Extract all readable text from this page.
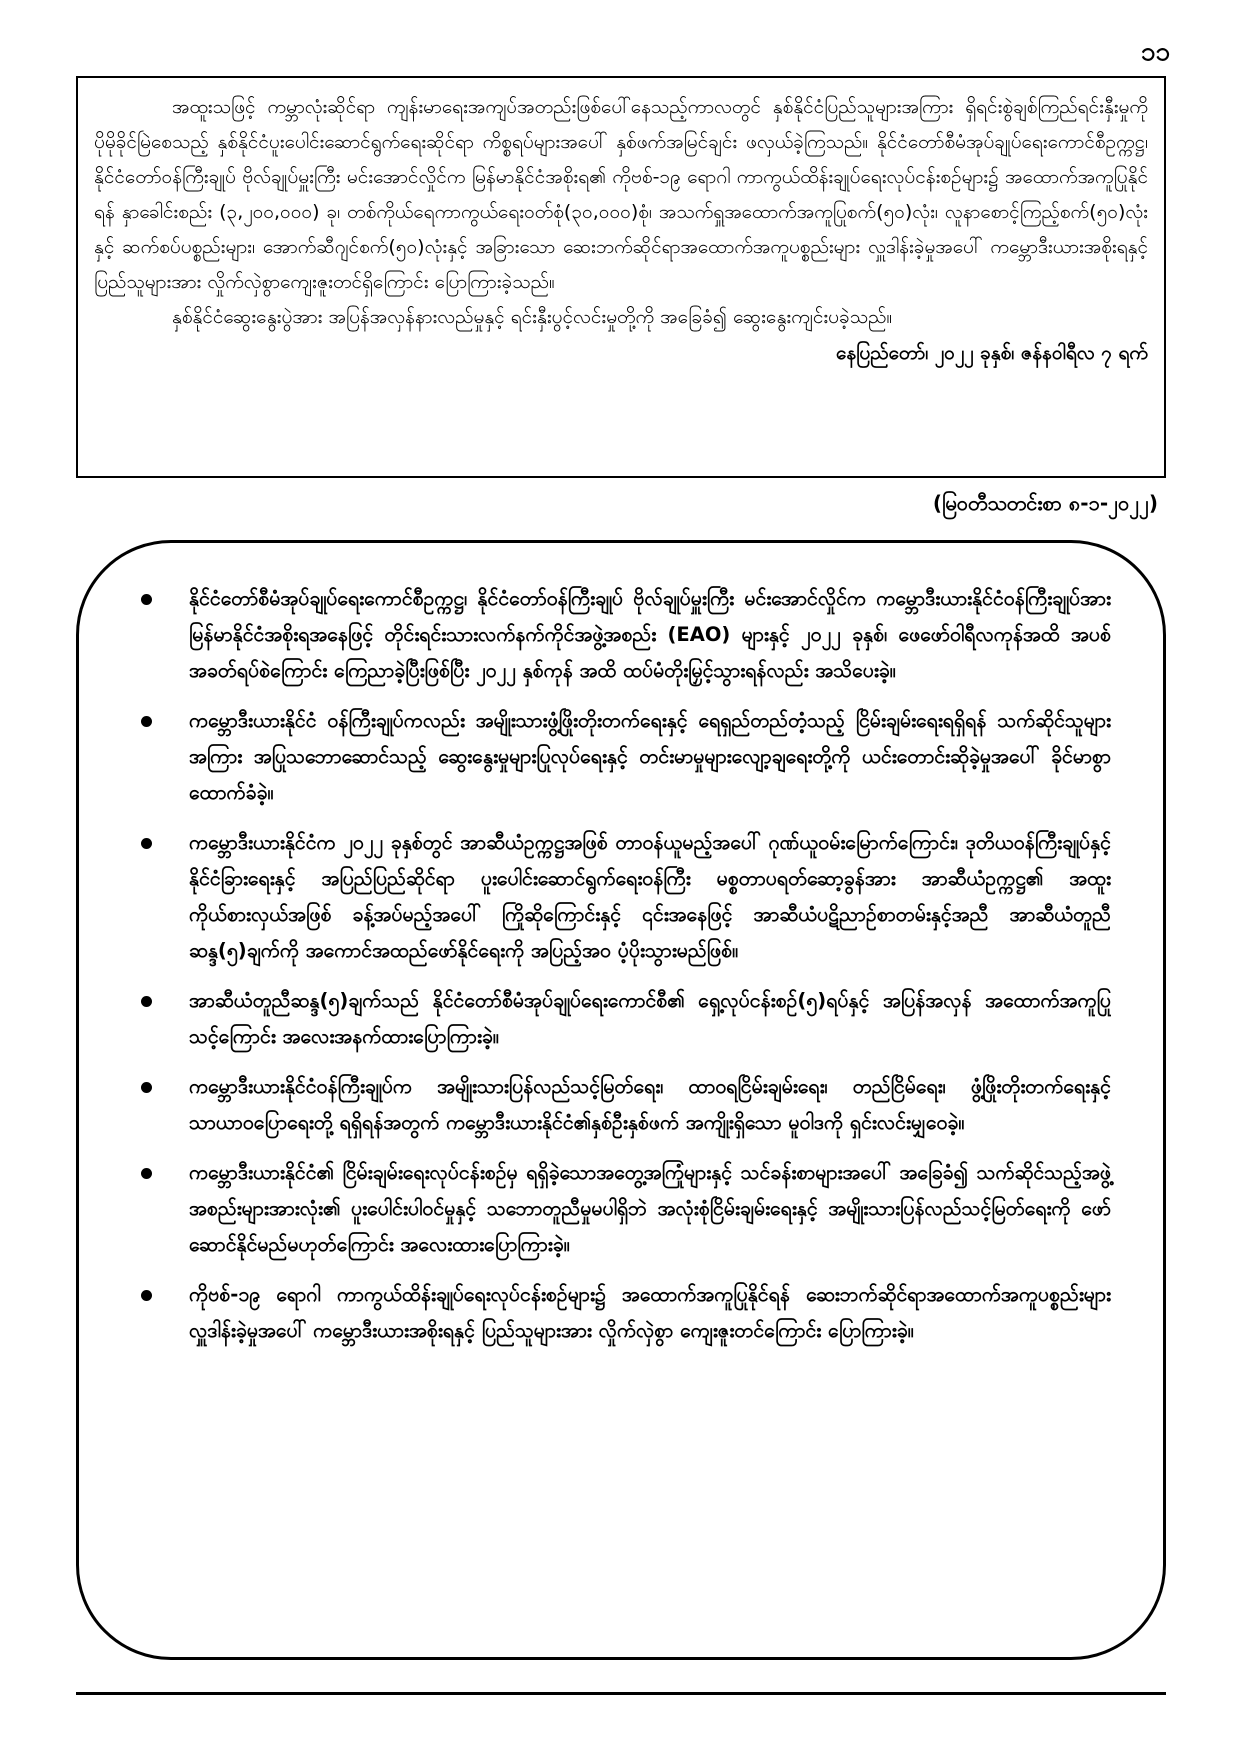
၁၁

အထူးသဖြင့် ကမ္ဘာလုံးဆိုင်ရာ ကျန်းမာရေးအကျပ်အတည်းဖြစ်ပေါ်နေသည့်ကာလတွင် နှစ်နိုင်ငံပြည်သူများအကြား ရှိရင်းစွဲချစ်ကြည်ရင်းနှီးမှုကို ပိုမိုခိုင်မြဲစေသည့် နှစ်နိုင်ငံပူးပေါင်းဆောင်ရွက်ရေးဆိုင်ရာ ကိစ္စရပ်များအပေါ် နှစ်ဖက်အမြင်ချင်း ဖလှယ်ခဲ့ကြသည်။ နိုင်ငံတော်စီမံအုပ်ချုပ်ရေးကောင်စီဥက္ကဋ္ဌ၊ နိုင်ငံတော်ဝန်ကြီးချုပ် ဗိုလ်ချုပ်မှူးကြီး မင်းအောင်လှိုင်က မြန်မာနိုင်ငံအစိုးရ၏ ကိုဗစ်-၁၉ ရောဂါ ကာကွယ်ထိန်းချုပ်ရေးလုပ်ငန်းစဉ်များ၌ အထောက်အကူပြုနိုင်ရန် နှာခေါင်းစည်း (၃,၂၀၀,၀၀၀) ခု၊ တစ်ကိုယ်ရေကာကွယ်ရေးဝတ်စုံ(၃၀,၀၀၀)စုံ၊ အသက်ရှူအထောက်အကူပြုစက်(၅၀)လုံး၊ လူနာစောင့်ကြည့်စက်(၅၀)လုံးနှင့် ဆက်စပ်ပစ္စည်းများ၊ အောက်ဆီဂျင်စက်(၅၀)လုံးနှင့် အခြားသော ဆေးဘက်ဆိုင်ရာအထောက်အကူပစ္စည်းများ လှူဒါန်းခဲ့မှုအပေါ် ကမ္ဘောဒီးယားအစိုးရနှင့် ပြည်သူများအား လှိုက်လှဲစွာကျေးဇူးတင်ရှိကြောင်း ပြောကြားခဲ့သည်။

နှစ်နိုင်ငံဆွေးနွေးပွဲအား အပြန်အလှန်နားလည်မှုနှင့် ရင်းနှီးပွင့်လင်းမှုတို့ကို အခြေခံ၍ ဆွေးနွေးကျင်းပခဲ့သည်။

နေပြည်တော်၊ ၂၀၂၂ ခုနှစ်၊ ဇန်နဝါရီလ ၇ ရက်

(မြဝတီသတင်းစာ ၈-၁-၂၀၂၂)
နိုင်ငံတော်စီမံအုပ်ချုပ်ရေးကောင်စီဥက္ကဋ္ဌ၊ နိုင်ငံတော်ဝန်ကြီးချုပ် ဗိုလ်ချုပ်မှူးကြီး မင်းအောင်လှိုင်က ကမ္ဘောဒီးယားနိုင်ငံဝန်ကြီးချုပ်အား မြန်မာနိုင်ငံအစိုးရအနေဖြင့် တိုင်းရင်းသားလက်နက်ကိုင်အဖွဲ့အစည်း (EAO) များနှင့် ၂၀၂၂ ခုနှစ်၊ ဖေဖော်ဝါရီလကုန်အထိ အပစ်အခတ်ရပ်စဲကြောင်း ကြေညာခဲ့ပြီးဖြစ်ပြီး ၂၀၂၂ နှစ်ကုန် အထိ ထပ်မံတိုးမြှင့်သွားရန်လည်း အသိပေးခဲ့။
ကမ္ဘောဒီးယားနိုင်ငံ ဝန်ကြီးချုပ်ကလည်း အမျိုးသားဖွံ့ဖြိုးတိုးတက်ရေးနှင့် ရေရှည်တည်တံ့သည့် ငြိမ်းချမ်းရေးရရှိရန် သက်ဆိုင်သူများအကြား အပြုသဘောဆောင်သည့် ဆွေးနွေးမှုများပြုလုပ်ရေးနှင့် တင်းမာမှုများလျော့ချရေးတို့ကို ယင်းတောင်းဆိုခဲ့မှုအပေါ် ခိုင်မာစွာထောက်ခံခဲ့။
ကမ္ဘောဒီးယားနိုင်ငံက ၂၀၂၂ ခုနှစ်တွင် အာဆီယံဥက္ကဋ္ဌအဖြစ် တာဝန်ယူမည့်အပေါ် ဂုဏ်ယူဝမ်းမြောက်ကြောင်း၊ ဒုတိယဝန်ကြီးချုပ်နှင့် နိုင်ငံခြားရေးနှင့် အပြည်ပြည်ဆိုင်ရာ ပူးပေါင်းဆောင်ရွက်ရေးဝန်ကြီး မစ္စတာပရတ်ဆော့ခွန်အား အာဆီယံဥက္ကဋ္ဌ၏ အထူးကိုယ်စားလှယ်အဖြစ် ခန့်အပ်မည့်အပေါ် ကြိုဆိုကြောင်းနှင့် ၎င်းအနေဖြင့် အာဆီယံပဋိညာဉ်စာတမ်းနှင့်အညီ အာဆီယံတူညီဆန္ဒ(၅)ချက်ကို အကောင်အထည်ဖော်နိုင်ရေးကို အပြည့်အဝ ပံ့ပိုးသွားမည်ဖြစ်။
အာဆီယံတူညီဆန္ဒ(၅)ချက်သည် နိုင်ငံတော်စီမံအုပ်ချုပ်ရေးကောင်စီ၏ ရှေ့လုပ်ငန်းစဉ်(၅)ရပ်နှင့် အပြန်အလှန် အထောက်အကူပြုသင့်ကြောင်း အလေးအနက်ထားပြောကြားခဲ့။
ကမ္ဘောဒီးယားနိုင်ငံဝန်ကြီးချုပ်က အမျိုးသားပြန်လည်သင့်မြတ်ရေး၊ ထာဝရငြိမ်းချမ်းရေး၊ တည်ငြိမ်ရေး၊ ဖွံ့ဖြိုးတိုးတက်ရေးနှင့် သာယာဝပြောရေးတို့ ရရှိရန်အတွက် ကမ္ဘောဒီးယားနိုင်ငံ၏နှစ်ဦးနှစ်ဖက် အကျိုးရှိသော မူဝါဒကို ရှင်းလင်းမျှဝေခဲ့။
ကမ္ဘောဒီးယားနိုင်ငံ၏ ငြိမ်းချမ်းရေးလုပ်ငန်းစဉ်မှ ရရှိခဲ့သောအတွေ့အကြုံများနှင့် သင်ခန်းစာများအပေါ် အခြေခံ၍ သက်ဆိုင်သည့်အဖွဲ့အစည်းများအားလုံး၏ ပူးပေါင်းပါဝင်မှုနှင့် သဘောတူညီမှုမပါရှိဘဲ အလုံးစုံငြိမ်းချမ်းရေးနှင့် အမျိုးသားပြန်လည်သင့်မြတ်ရေးကို ဖော်ဆောင်နိုင်မည်မဟုတ်ကြောင်း အလေးထားပြောကြားခဲ့။
ကိုဗစ်-၁၉ ရောဂါ ကာကွယ်ထိန်းချုပ်ရေးလုပ်ငန်းစဉ်များ၌ အထောက်အကူပြုနိုင်ရန် ဆေးဘက်ဆိုင်ရာအထောက်အကူပစ္စည်းများလှူဒါန်းခဲ့မှုအပေါ် ကမ္ဘောဒီးယားအစိုးရနှင့် ပြည်သူများအား လှိုက်လှဲစွာ ကျေးဇူးတင်ကြောင်း ပြောကြားခဲ့။
